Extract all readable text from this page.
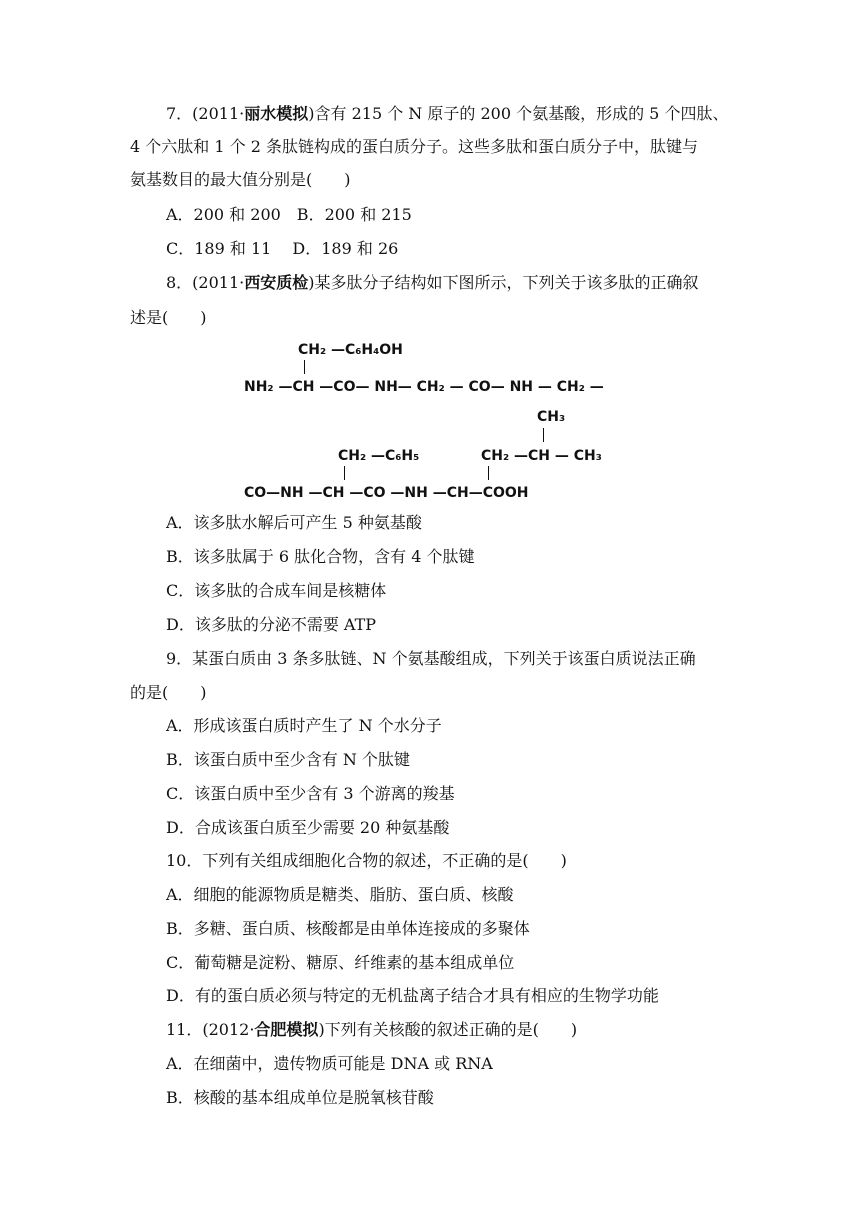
7．(2011·丽水模拟)含有 215 个 N 原子的 200 个氨基酸，形成的 5 个四肽、
4 个六肽和 1 个 2 条肽链构成的蛋白质分子。这些多肽和蛋白质分子中，肽键与
氨基数目的最大值分别是(　　)
A．200 和 200　B．200 和 215
C．189 和 11　 D．189 和 26
8．(2011·西安质检)某多肽分子结构如下图所示，下列关于该多肽的正确叙
述是(　　)
CH₂ —C₆H₄OH
NH₂ —CH —CO— NH— CH₂ — CO— NH — CH₂ —
CH₃
CH₂ —C₆H₅	CH₂ —CH — CH₃
CO—NH —CH —CO —NH —CH—COOH
A．该多肽水解后可产生 5 种氨基酸
B．该多肽属于 6 肽化合物，含有 4 个肽键
C．该多肽的合成车间是核糖体
D．该多肽的分泌不需要 ATP
9．某蛋白质由 3 条多肽链、N 个氨基酸组成，下列关于该蛋白质说法正确
的是(　　)
A．形成该蛋白质时产生了 N 个水分子
B．该蛋白质中至少含有 N 个肽键
C．该蛋白质中至少含有 3 个游离的羧基
D．合成该蛋白质至少需要 20 种氨基酸
10．下列有关组成细胞化合物的叙述，不正确的是(　　)
A．细胞的能源物质是糖类、脂肪、蛋白质、核酸
B．多糖、蛋白质、核酸都是由单体连接成的多聚体
C．葡萄糖是淀粉、糖原、纤维素的基本组成单位
D．有的蛋白质必须与特定的无机盐离子结合才具有相应的生物学功能
11．(2012·合肥模拟)下列有关核酸的叙述正确的是(　　)
A．在细菌中，遗传物质可能是 DNA 或 RNA
B．核酸的基本组成单位是脱氧核苷酸
